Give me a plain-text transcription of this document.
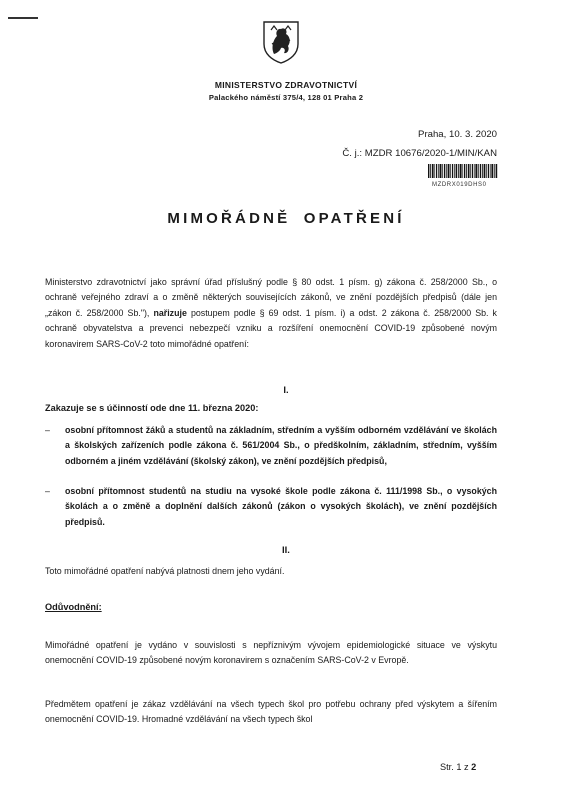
MINISTERSTVO ZDRAVOTNICTVÍ
Palackého náměstí 375/4, 128 01 Praha 2
Praha, 10. 3. 2020
Č. j.: MZDR 10676/2020-1/MIN/KAN
MZDRX019DHS0
MIMOŘÁDNĚ OPATŘENÍ
Ministerstvo zdravotnictví jako správní úřad příslušný podle § 80 odst. 1 písm. g) zákona č. 258/2000 Sb., o ochraně veřejného zdraví a o změně některých souvisejících zákonů, ve znění pozdějších předpisů (dále jen „zákon č. 258/2000 Sb."), nařizuje postupem podle § 69 odst. 1 písm. i) a odst. 2 zákona č. 258/2000 Sb. k ochraně obyvatelstva a prevenci nebezpečí vzniku a rozšíření onemocnění COVID-19 způsobené novým koronavirem SARS-CoV-2 toto mimořádné opatření:
I.
Zakazuje se s účinností ode dne 11. března 2020:
– osobní přítomnost žáků a studentů na základním, středním a vyšším odborném vzdělávání ve školách a školských zařízeních podle zákona č. 561/2004 Sb., o předškolním, základním, středním, vyšším odborném a jiném vzdělávání (školský zákon), ve znění pozdějších předpisů,
– osobní přítomnost studentů na studiu na vysoké škole podle zákona č. 111/1998 Sb., o vysokých školách a o změně a doplnění dalších zákonů (zákon o vysokých školách), ve znění pozdějších předpisů.
II.
Toto mimořádné opatření nabývá platnosti dnem jeho vydání.
Odůvodnění:
Mimořádné opatření je vydáno v souvislosti s nepříznivým vývojem epidemiologické situace ve výskytu onemocnění COVID-19 způsobené novým koronavirem s označením SARS-CoV-2 v Evropě.
Předmětem opatření je zákaz vzdělávání na všech typech škol pro potřebu ochrany před výskytem a šířením onemocnění COVID-19. Hromadné vzdělávání na všech typech škol
Str. 1 z 2
